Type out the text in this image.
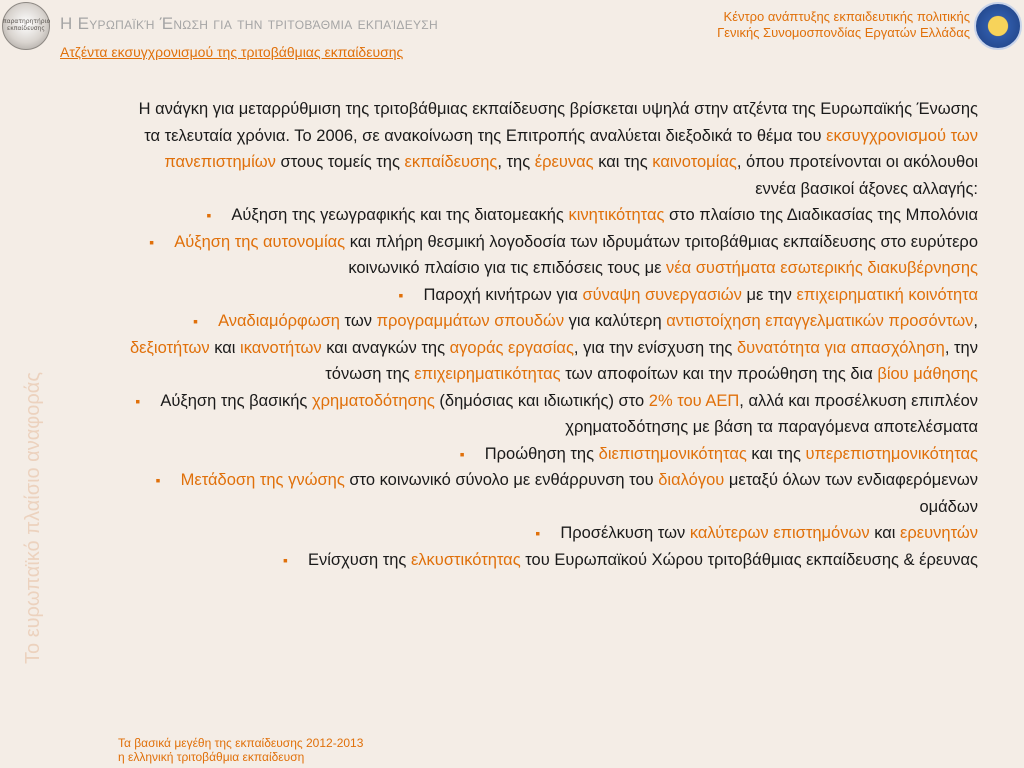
παρατηρητήριο εκπαίδευσης Η Ευρωπαϊκή Ένωση για την τριτοβάθμια εκπαίδευση
Ατζέντα εκσυγχρονισμού της τριτοβάθμιας εκπαίδευσης
Κέντρο ανάπτυξης εκπαιδευτικής πολιτικής
Γενικής Συνομοσπονδίας Εργατών Ελλάδας
Το ευρωπαϊκό πλαίσιο αναφοράς

Η ανάγκη για μεταρρύθμιση της τριτοβάθμιας εκπαίδευσης βρίσκεται υψηλά στην ατζέντα της Ευρωπαϊκής Ένωσης τα τελευταία χρόνια. Το 2006, σε ανακοίνωση της Επιτροπής αναλύεται διεξοδικά το θέμα του εκσυγχρονισμού των πανεπιστημίων στους τομείς της εκπαίδευσης, της έρευνας και της καινοτομίας, όπου προτείνονται οι ακόλουθοι εννέα βασικοί άξονες αλλαγής:

▪ Αύξηση της γεωγραφικής και της διατομεακής κινητικότητας στο πλαίσιο της Διαδικασίας της Μπολόνια

▪ Αύξηση της αυτονομίας και πλήρη θεσμική λογοδοσία των ιδρυμάτων τριτοβάθμιας εκπαίδευσης στο ευρύτερο κοινωνικό πλαίσιο για τις επιδόσεις τους με νέα συστήματα εσωτερικής διακυβέρνησης

▪ Παροχή κινήτρων για σύναψη συνεργασιών με την επιχειρηματική κοινότητα

▪ Αναδιαμόρφωση των προγραμμάτων σπουδών για καλύτερη αντιστοίχηση επαγγελματικών προσόντων, δεξιοτήτων και ικανοτήτων και αναγκών της αγοράς εργασίας, για την ενίσχυση της δυνατότητα για απασχόληση, την τόνωση της επιχειρηματικότητας των αποφοίτων και την προώθηση της δια βίου μάθησης

▪ Αύξηση της βασικής χρηματοδότησης (δημόσιας και ιδιωτικής) στο 2% του ΑΕΠ, αλλά και προσέλκυση επιπλέον χρηματοδότησης με βάση τα παραγόμενα αποτελέσματα

▪ Προώθηση της διεπιστημονικότητας και της υπερεπιστημονικότητας

▪ Μετάδοση της γνώσης στο κοινωνικό σύνολο με ενθάρρυνση του διαλόγου μεταξύ όλων των ενδιαφερόμενων ομάδων

▪ Προσέλκυση των καλύτερων επιστημόνων και ερευνητών

▪ Ενίσχυση της ελκυστικότητας του Ευρωπαϊκού Χώρου τριτοβάθμιας εκπαίδευσης & έρευνας

Τα βασικά μεγέθη της εκπαίδευσης 2012-2013
η ελληνική τριτοβάθμια εκπαίδευση
